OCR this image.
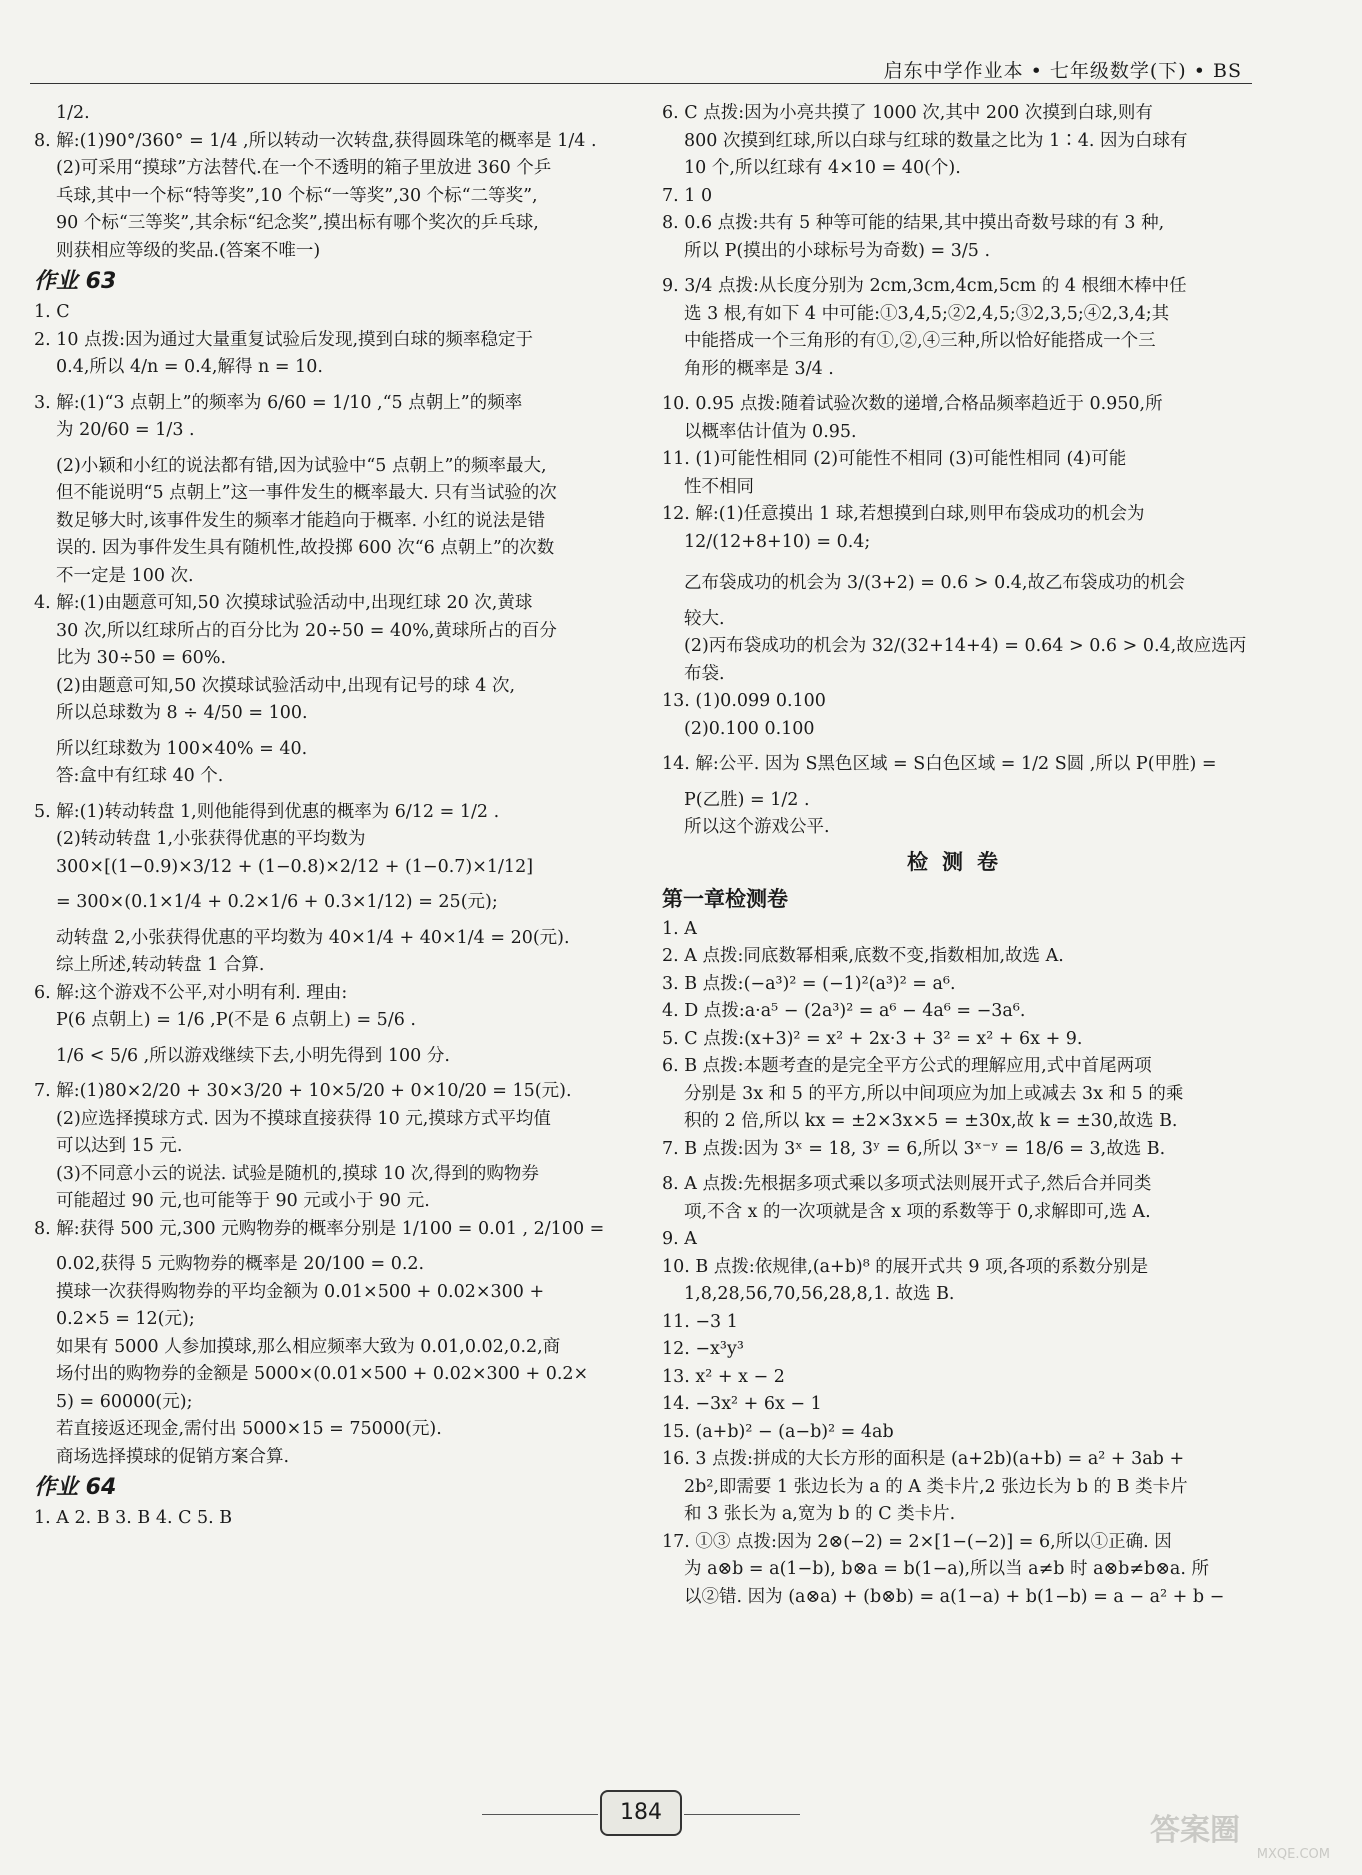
启东中学作业本 • 七年级数学(下) • BS
1/2.
8. 解:(1)90°/360° = 1/4 ,所以转动一次转盘,获得圆珠笔的概率是 1/4 .
(2)可采用“摸球”方法替代.在一个不透明的箱子里放进 360 个乒
乓球,其中一个标“特等奖”,10 个标“一等奖”,30 个标“二等奖”,
90 个标“三等奖”,其余标“纪念奖”,摸出标有哪个奖次的乒乓球,
则获相应等级的奖品.(答案不唯一)
作业 63
1. C
2. 10 点拨:因为通过大量重复试验后发现,摸到白球的频率稳定于
0.4,所以 4/n = 0.4,解得 n = 10.
3. 解:(1)“3 点朝上”的频率为 6/60 = 1/10 ,“5 点朝上”的频率
为 20/60 = 1/3 .
(2)小颖和小红的说法都有错,因为试验中“5 点朝上”的频率最大,
但不能说明“5 点朝上”这一事件发生的概率最大. 只有当试验的次
数足够大时,该事件发生的频率才能趋向于概率. 小红的说法是错
误的. 因为事件发生具有随机性,故投掷 600 次“6 点朝上”的次数
不一定是 100 次.
4. 解:(1)由题意可知,50 次摸球试验活动中,出现红球 20 次,黄球
30 次,所以红球所占的百分比为 20÷50 = 40%,黄球所占的百分
比为 30÷50 = 60%.
(2)由题意可知,50 次摸球试验活动中,出现有记号的球 4 次,
所以总球数为 8 ÷ 4/50 = 100.
所以红球数为 100×40% = 40.
答:盒中有红球 40 个.
5. 解:(1)转动转盘 1,则他能得到优惠的概率为 6/12 = 1/2 .
(2)转动转盘 1,小张获得优惠的平均数为
300×[(1−0.9)×3/12 + (1−0.8)×2/12 + (1−0.7)×1/12]
= 300×(0.1×1/4 + 0.2×1/6 + 0.3×1/12) = 25(元);
动转盘 2,小张获得优惠的平均数为 40×1/4 + 40×1/4 = 20(元).
综上所述,转动转盘 1 合算.
6. 解:这个游戏不公平,对小明有利. 理由:
P(6 点朝上) = 1/6 ,P(不是 6 点朝上) = 5/6 .
1/6 < 5/6 ,所以游戏继续下去,小明先得到 100 分.
7. 解:(1)80×2/20 + 30×3/20 + 10×5/20 + 0×10/20 = 15(元).
(2)应选择摸球方式. 因为不摸球直接获得 10 元,摸球方式平均值
可以达到 15 元.
(3)不同意小云的说法. 试验是随机的,摸球 10 次,得到的购物券
可能超过 90 元,也可能等于 90 元或小于 90 元.
8. 解:获得 500 元,300 元购物券的概率分别是 1/100 = 0.01 , 2/100 =
0.02,获得 5 元购物券的概率是 20/100 = 0.2.
摸球一次获得购物券的平均金额为 0.01×500 + 0.02×300 +
0.2×5 = 12(元);
如果有 5000 人参加摸球,那么相应频率大致为 0.01,0.02,0.2,商
场付出的购物券的金额是 5000×(0.01×500 + 0.02×300 + 0.2×
5) = 60000(元);
若直接返还现金,需付出 5000×15 = 75000(元).
商场选择摸球的促销方案合算.
作业 64
1. A 2. B 3. B 4. C 5. B
6. C 点拨:因为小亮共摸了 1000 次,其中 200 次摸到白球,则有
800 次摸到红球,所以白球与红球的数量之比为 1∶4. 因为白球有
10 个,所以红球有 4×10 = 40(个).
7. 1 0
8. 0.6 点拨:共有 5 种等可能的结果,其中摸出奇数号球的有 3 种,
所以 P(摸出的小球标号为奇数) = 3/5 .
9. 3/4 点拨:从长度分别为 2cm,3cm,4cm,5cm 的 4 根细木棒中任
选 3 根,有如下 4 中可能:①3,4,5;②2,4,5;③2,3,5;④2,3,4;其
中能搭成一个三角形的有①,②,④三种,所以恰好能搭成一个三
角形的概率是 3/4 .
10. 0.95 点拨:随着试验次数的递增,合格品频率趋近于 0.950,所
以概率估计值为 0.95.
11. (1)可能性相同 (2)可能性不相同 (3)可能性相同 (4)可能
性不相同
12. 解:(1)任意摸出 1 球,若想摸到白球,则甲布袋成功的机会为
12/(12+8+10) = 0.4;
乙布袋成功的机会为 3/(3+2) = 0.6 > 0.4,故乙布袋成功的机会
较大.
(2)丙布袋成功的机会为 32/(32+14+4) = 0.64 > 0.6 > 0.4,故应选丙
布袋.
13. (1)0.099 0.100
(2)0.100 0.100
14. 解:公平. 因为 S黑色区域 = S白色区域 = 1/2 S圆 ,所以 P(甲胜) =
P(乙胜) = 1/2 .
所以这个游戏公平.
检测卷
第一章检测卷
1. A
2. A 点拨:同底数幂相乘,底数不变,指数相加,故选 A.
3. B 点拨:(−a³)² = (−1)²(a³)² = a⁶.
4. D 点拨:a·a⁵ − (2a³)² = a⁶ − 4a⁶ = −3a⁶.
5. C 点拨:(x+3)² = x² + 2x·3 + 3² = x² + 6x + 9.
6. B 点拨:本题考查的是完全平方公式的理解应用,式中首尾两项
分别是 3x 和 5 的平方,所以中间项应为加上或减去 3x 和 5 的乘
积的 2 倍,所以 kx = ±2×3x×5 = ±30x,故 k = ±30,故选 B.
7. B 点拨:因为 3ˣ = 18, 3ʸ = 6,所以 3ˣ⁻ʸ = 18/6 = 3,故选 B.
8. A 点拨:先根据多项式乘以多项式法则展开式子,然后合并同类
项,不含 x 的一次项就是含 x 项的系数等于 0,求解即可,选 A.
9. A
10. B 点拨:依规律,(a+b)⁸ 的展开式共 9 项,各项的系数分别是
1,8,28,56,70,56,28,8,1. 故选 B.
11. −3 1
12. −x³y³
13. x² + x − 2
14. −3x² + 6x − 1
15. (a+b)² − (a−b)² = 4ab
16. 3 点拨:拼成的大长方形的面积是 (a+2b)(a+b) = a² + 3ab +
2b²,即需要 1 张边长为 a 的 A 类卡片,2 张边长为 b 的 B 类卡片
和 3 张长为 a,宽为 b 的 C 类卡片.
17. ①③ 点拨:因为 2⊗(−2) = 2×[1−(−2)] = 6,所以①正确. 因
为 a⊗b = a(1−b), b⊗a = b(1−a),所以当 a≠b 时 a⊗b≠b⊗a. 所
以②错. 因为 (a⊗a) + (b⊗b) = a(1−a) + b(1−b) = a − a² + b −
184
答案圈
MXQE.COM
